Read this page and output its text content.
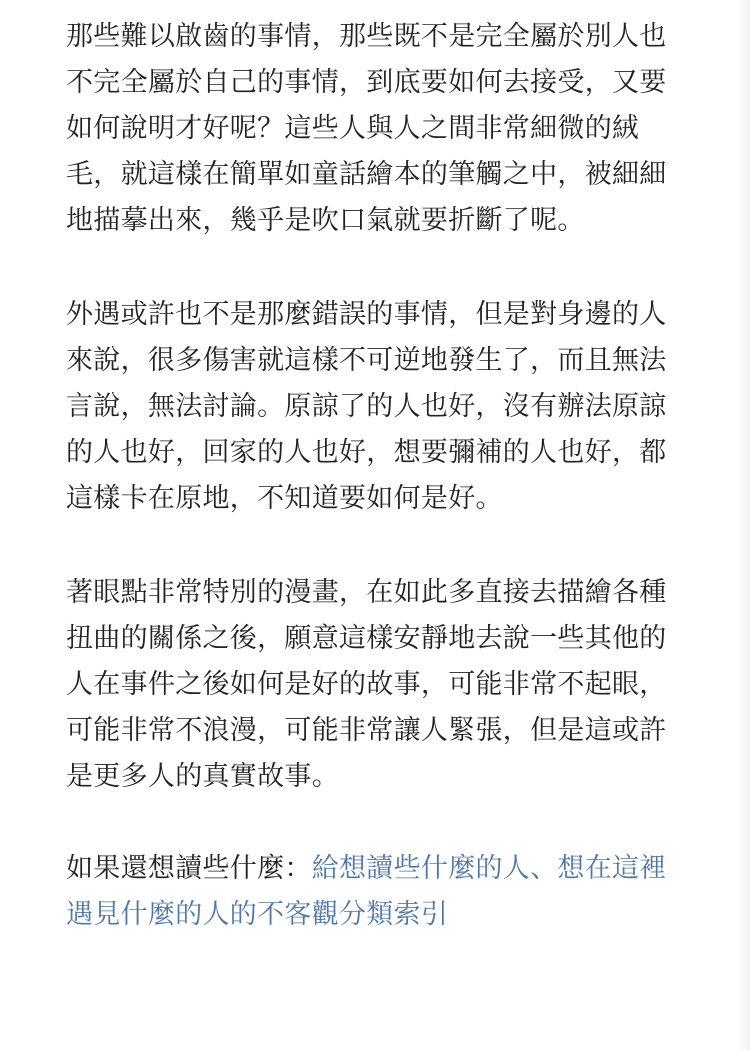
那些難以啟齒的事情，那些既不是完全屬於別人也不完全屬於自己的事情，到底要如何去接受，又要如何說明才好呢？這些人與人之間非常細微的絨毛，就這樣在簡單如童話繪本的筆觸之中，被細細地描摹出來，幾乎是吹口氣就要折斷了呢。

外遇或許也不是那麼錯誤的事情，但是對身邊的人來說，很多傷害就這樣不可逆地發生了，而且無法言說，無法討論。原諒了的人也好，沒有辦法原諒的人也好，回家的人也好，想要彌補的人也好，都這樣卡在原地，不知道要如何是好。

著眼點非常特別的漫畫，在如此多直接去描繪各種扭曲的關係之後，願意這樣安靜地去說一些其他的人在事件之後如何是好的故事，可能非常不起眼，可能非常不浪漫，可能非常讓人緊張，但是這或許是更多人的真實故事。

如果還想讀些什麼：給想讀些什麼的人、想在這裡遇見什麼的人的不客觀分類索引
